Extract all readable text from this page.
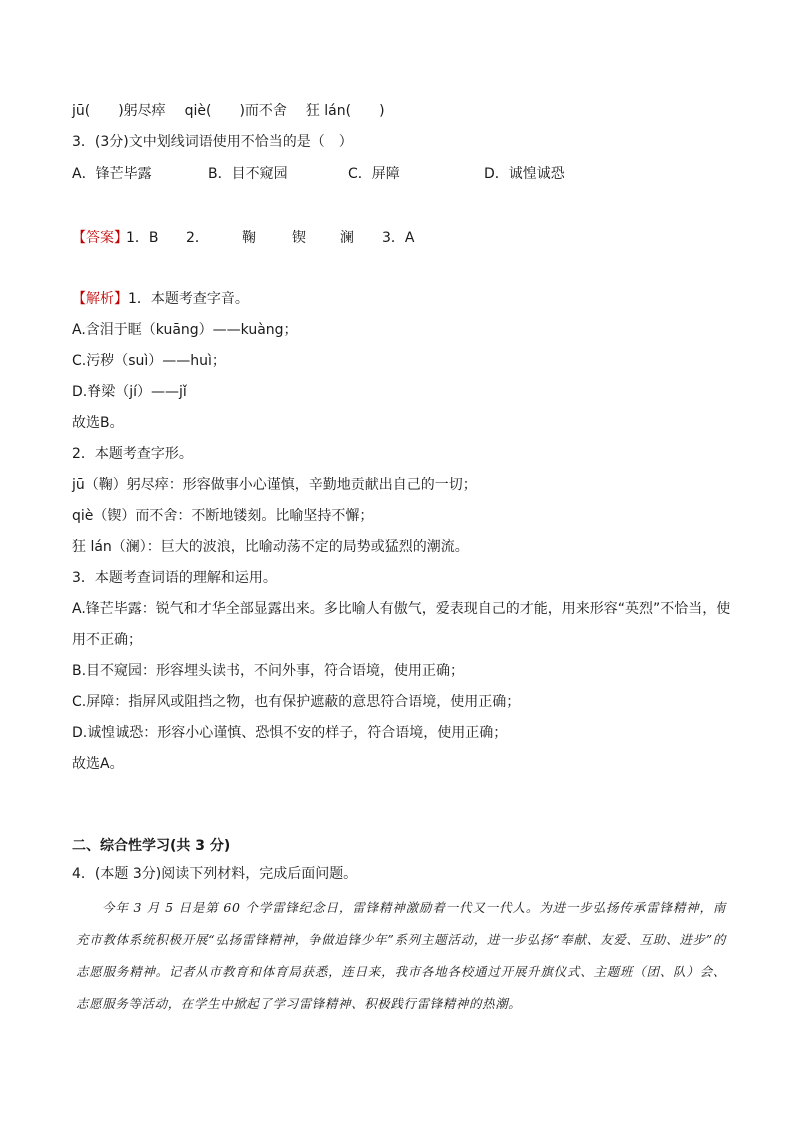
jū(　　)躬尽瘁 qiè(　　)而不舍 狂 lán(　　)
3．(3分)文中划线词语使用不恰当的是（　）
A．锋芒毕露	B．目不窥园	C．屏障	D．诚惶诚恐
【答案】
1．B 2． 鞠	锲 澜 3．A
【解析】1．本题考查字音。
A.含泪于眶（kuāng）——kuàng；
C.污秽（suì）——huì；
D.脊梁（jí）——jǐ
故选B。
2．本题考查字形。
jū（鞠）躬尽瘁：形容做事小心谨慎，辛勤地贡献出自己的一切；
qiè（锲）而不舍：不断地镂刻。比喻坚持不懈；
狂 lán（澜）：巨大的波浪，比喻动荡不定的局势或猛烈的潮流。
3．本题考查词语的理解和运用。
A.锋芒毕露：锐气和才华全部显露出来。多比喻人有傲气，爱表现自己的才能，用来形容“英烈”不恰当，使
用不正确；
B.目不窥园：形容埋头读书，不问外事，符合语境，使用正确；
C.屏障：指屏风或阻挡之物，也有保护遮蔽的意思符合语境，使用正确；
D.诚惶诚恐：形容小心谨慎、恐惧不安的样子，符合语境，使用正确；
故选A。
二、综合性学习(共 3 分)
4．(本题 3分)阅读下列材料，完成后面问题。
今年 3 月 5 日是第 60 个学雷锋纪念日，雷锋精神激励着一代又一代人。为进一步弘扬传承雷锋精神，南充市教体系统积极开展“弘扬雷锋精神，争做追锋少年”系列主题活动，进一步弘扬“奉献、友爱、互助、进步”的志愿服务精神。记者从市教育和体育局获悉，连日来，我市各地各校通过开展升旗仪式、主题班（团、队）会、志愿服务等活动，在学生中掀起了学习雷锋精神、积极践行雷锋精神的热潮。
